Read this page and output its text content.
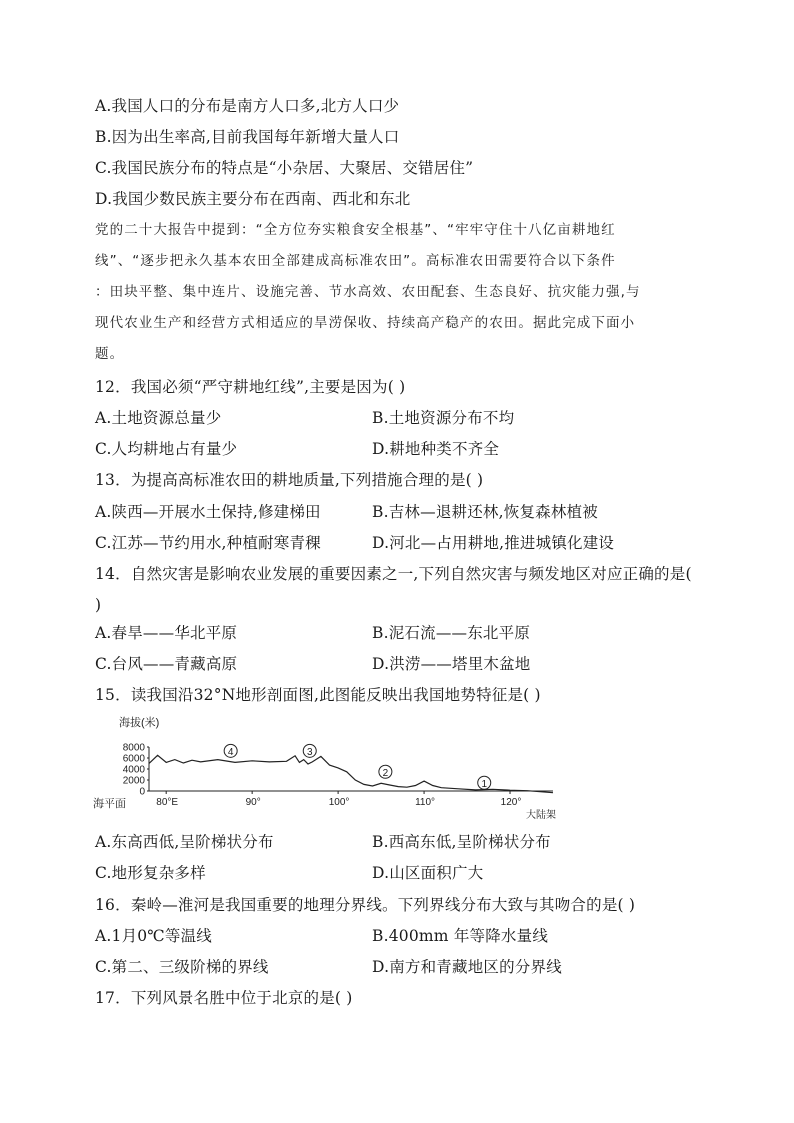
A.我国人口的分布是南方人口多,北方人口少
B.因为出生率高,目前我国每年新增大量人口
C.我国民族分布的特点是“小杂居、大聚居、交错居住”
D.我国少数民族主要分布在西南、西北和东北
党的二十大报告中提到：“全方位夯实粮食安全根基”、“牢牢守住十八亿亩耕地红
线”、“逐步把永久基本农田全部建成高标准农田”。高标准农田需要符合以下条件
：田块平整、集中连片、设施完善、节水高效、农田配套、生态良好、抗灾能力强,与
现代农业生产和经营方式相适应的旱涝保收、持续高产稳产的农田。据此完成下面小
题。
12．我国必须“严守耕地红线”,主要是因为( )
A.土地资源总量少	B.土地资源分布不均
C.人均耕地占有量少	D.耕地种类不齐全
13．为提高高标准农田的耕地质量,下列措施合理的是( )
A.陕西—开展水土保持,修建梯田	B.吉林—退耕还林,恢复森林植被
C.江苏—节约用水,种植耐寒青稞	D.河北—占用耕地,推进城镇化建设
14．自然灾害是影响农业发展的重要因素之一,下列自然灾害与频发地区对应正确的是(
)
A.春旱——华北平原	B.泥石流——东北平原
C.台风——青藏高原	D.洪涝——塔里木盆地
15．读我国沿32°N地形剖面图,此图能反映出我国地势特征是( )
海拔(米)
8000
6000
4000
2000
0
80°E	90°	100°	110°	120°
1
2
3
4
海平面
大陆架
A.东高西低,呈阶梯状分布	B.西高东低,呈阶梯状分布
C.地形复杂多样	D.山区面积广大
16．秦岭—淮河是我国重要的地理分界线。下列界线分布大致与其吻合的是( )
A.1月0℃等温线	B.400mm 年等降水量线
C.第二、三级阶梯的界线	D.南方和青藏地区的分界线
17．下列风景名胜中位于北京的是( )
